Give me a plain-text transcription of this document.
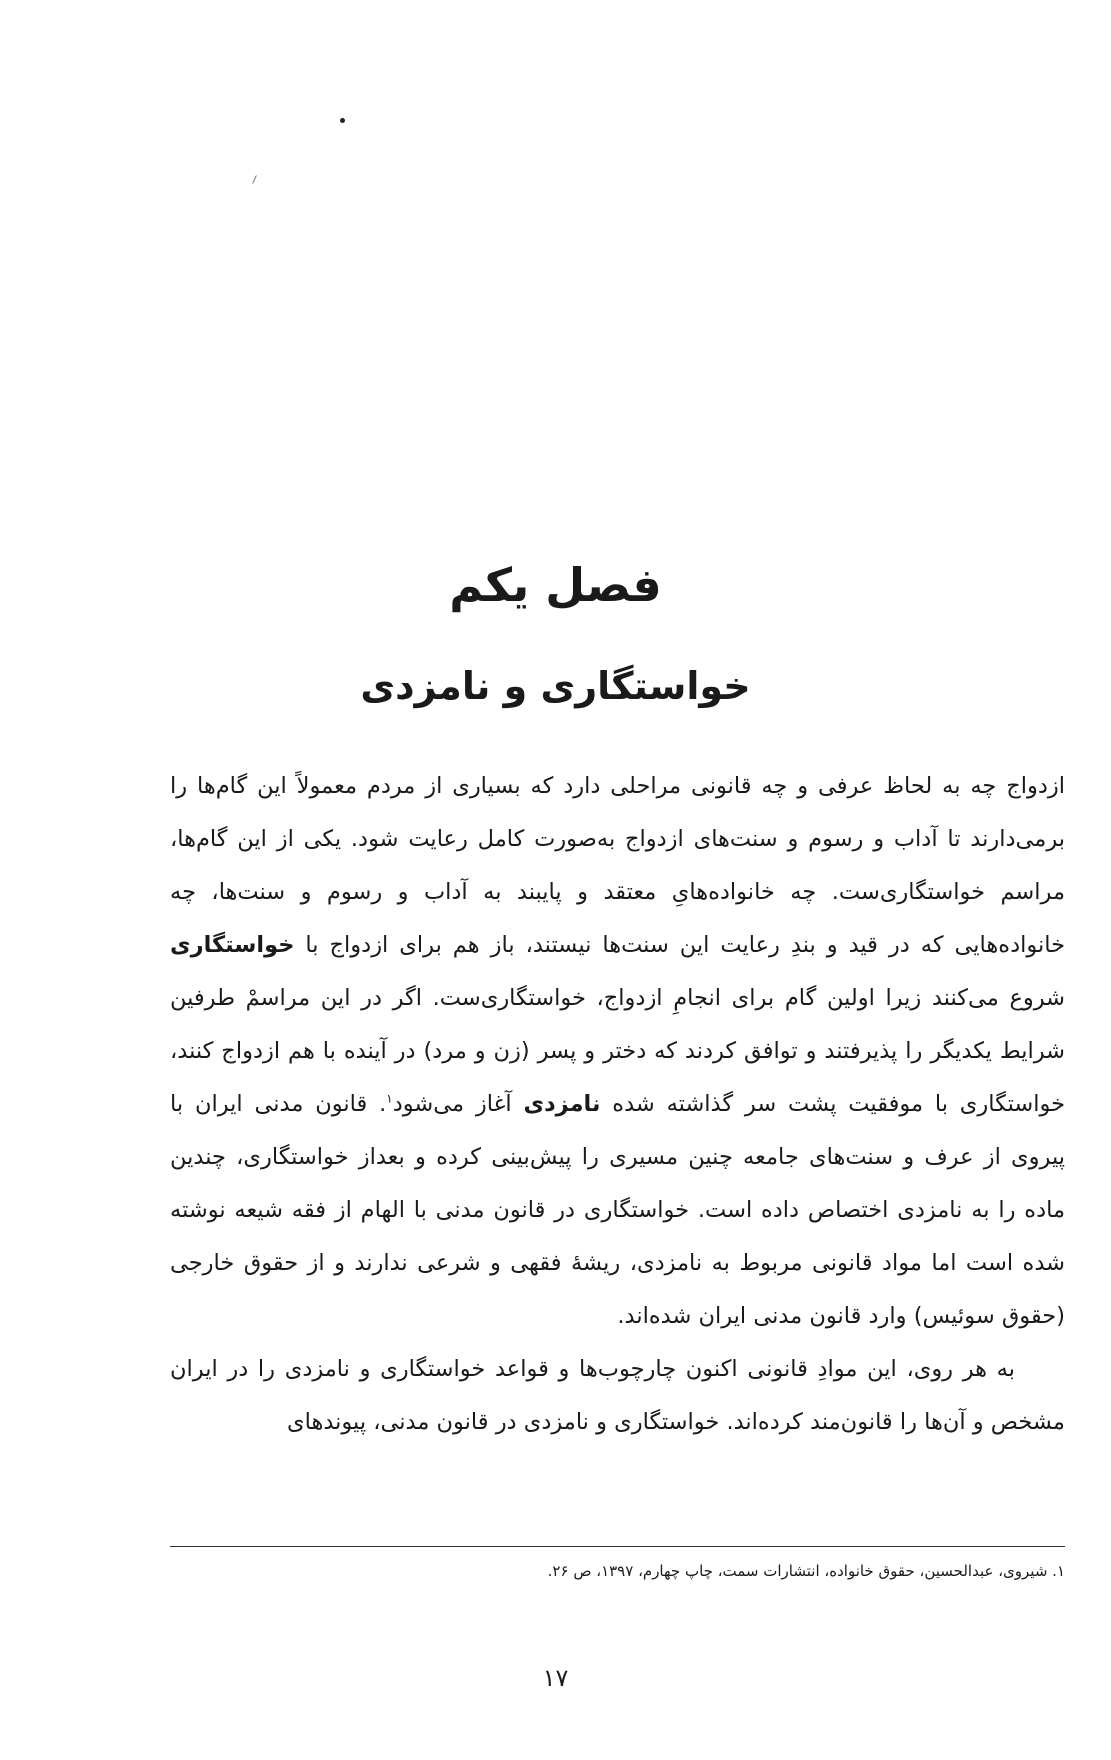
فصل یکم
خواستگاری و نامزدی

ازدواج چه به لحاظ عرفی و چه قانونی مراحلی دارد که بسیاری از مردم معمولاً این گام‌ها را برمی‌دارند تا آداب و رسوم و سنت‌های ازدواج به‌صورت کامل رعایت شود. یکی از این گام‌ها، مراسم خواستگاری‌ست. چه خانواده‌هایِ معتقد و پایبند به آداب و رسوم و سنت‌ها، چه خانواده‌هایی که در قید و بندِ رعایت این سنت‌ها نیستند، باز هم برای ازدواج با خواستگاری شروع می‌کنند زیرا اولین گام برای انجامِ ازدواج، خواستگاری‌ست. اگر در این مراسمْ طرفین شرایط یکدیگر را پذیرفتند و توافق کردند که دختر و پسر (زن و مرد) در آینده با هم ازدواج کنند، خواستگاری با موفقیت پشت سر گذاشته شده نامزدی آغاز می‌شود$^۱$. قانون مدنی ایران با پیروی از عرف و سنت‌های جامعه چنین مسیری را پیش‌بینی کرده و بعداز خواستگاری، چندین ماده را به نامزدی اختصاص داده است. خواستگاری در قانون مدنی با الهام از فقه شیعه نوشته شده است اما مواد قانونی مربوط به نامزدی، ریشهٔ فقهی و شرعی ندارند و از حقوق خارجی (حقوق سوئیس) وارد قانون مدنی ایران شده‌اند.

به هر روی، این موادِ قانونی اکنون چارچوب‌ها و قواعد خواستگاری و نامزدی را در ایران مشخص و آن‌ها را قانون‌مند کرده‌اند. خواستگاری و نامزدی در قانون مدنی، پیوندهای

۱. شیروی، عبدالحسین، حقوق خانواده، انتشارات سمت، چاپ چهارم، ۱۳۹۷، ص ۲۶.
۱۷
